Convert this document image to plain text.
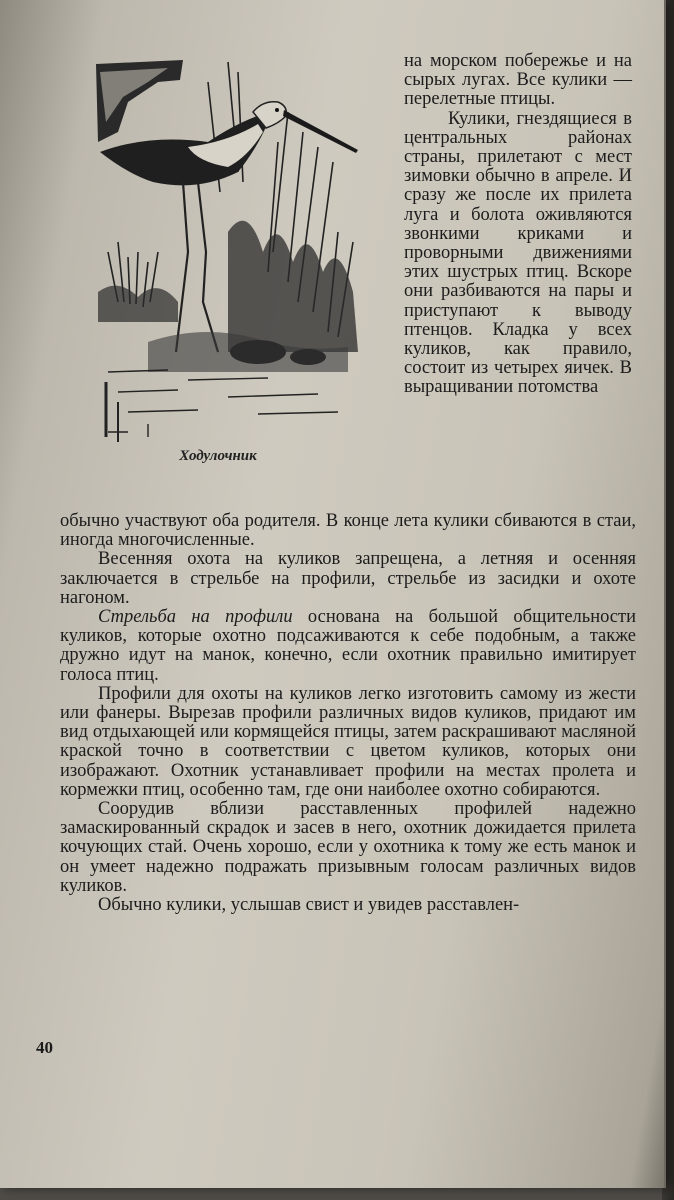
Ходулочник

на морском побережье и на сырых лугах. Все кулики — перелетные птицы.

Кулики, гнездящиеся в центральных районах страны, прилетают с мест зимовки обычно в апреле. И сразу же после их прилета луга и болота оживляются звонкими криками и проворными движениями этих шустрых птиц. Вскоре они разбиваются на пары и приступают к выводу птенцов. Кладка у всех куликов, как правило, состоит из четырех яичек. В выращивании потомства

обычно участвуют оба родителя. В конце лета кулики сбиваются в стаи, иногда многочисленные.

Весенняя охота на куликов запрещена, а летняя и осенняя заключается в стрельбе на профили, стрельбе из засидки и охоте нагоном.

Стрельба на профили основана на большой общительности куликов, которые охотно подсаживаются к себе подобным, а также дружно идут на манок, конечно, если охотник правильно имитирует голоса птиц.

Профили для охоты на куликов легко изготовить самому из жести или фанеры. Вырезав профили различных видов куликов, придают им вид отдыхающей или кормящейся птицы, затем раскрашивают масляной краской точно в соответствии с цветом куликов, которых они изображают. Охотник устанавливает профили на местах пролета и кормежки птиц, особенно там, где они наиболее охотно собираются.

Соорудив вблизи расставленных профилей надежно замаскированный скрадок и засев в него, охотник дожидается прилета кочующих стай. Очень хорошо, если у охотника к тому же есть манок и он умеет надежно подражать призывным голосам различных видов куликов.

Обычно кулики, услышав свист и увидев расставлен-

40
